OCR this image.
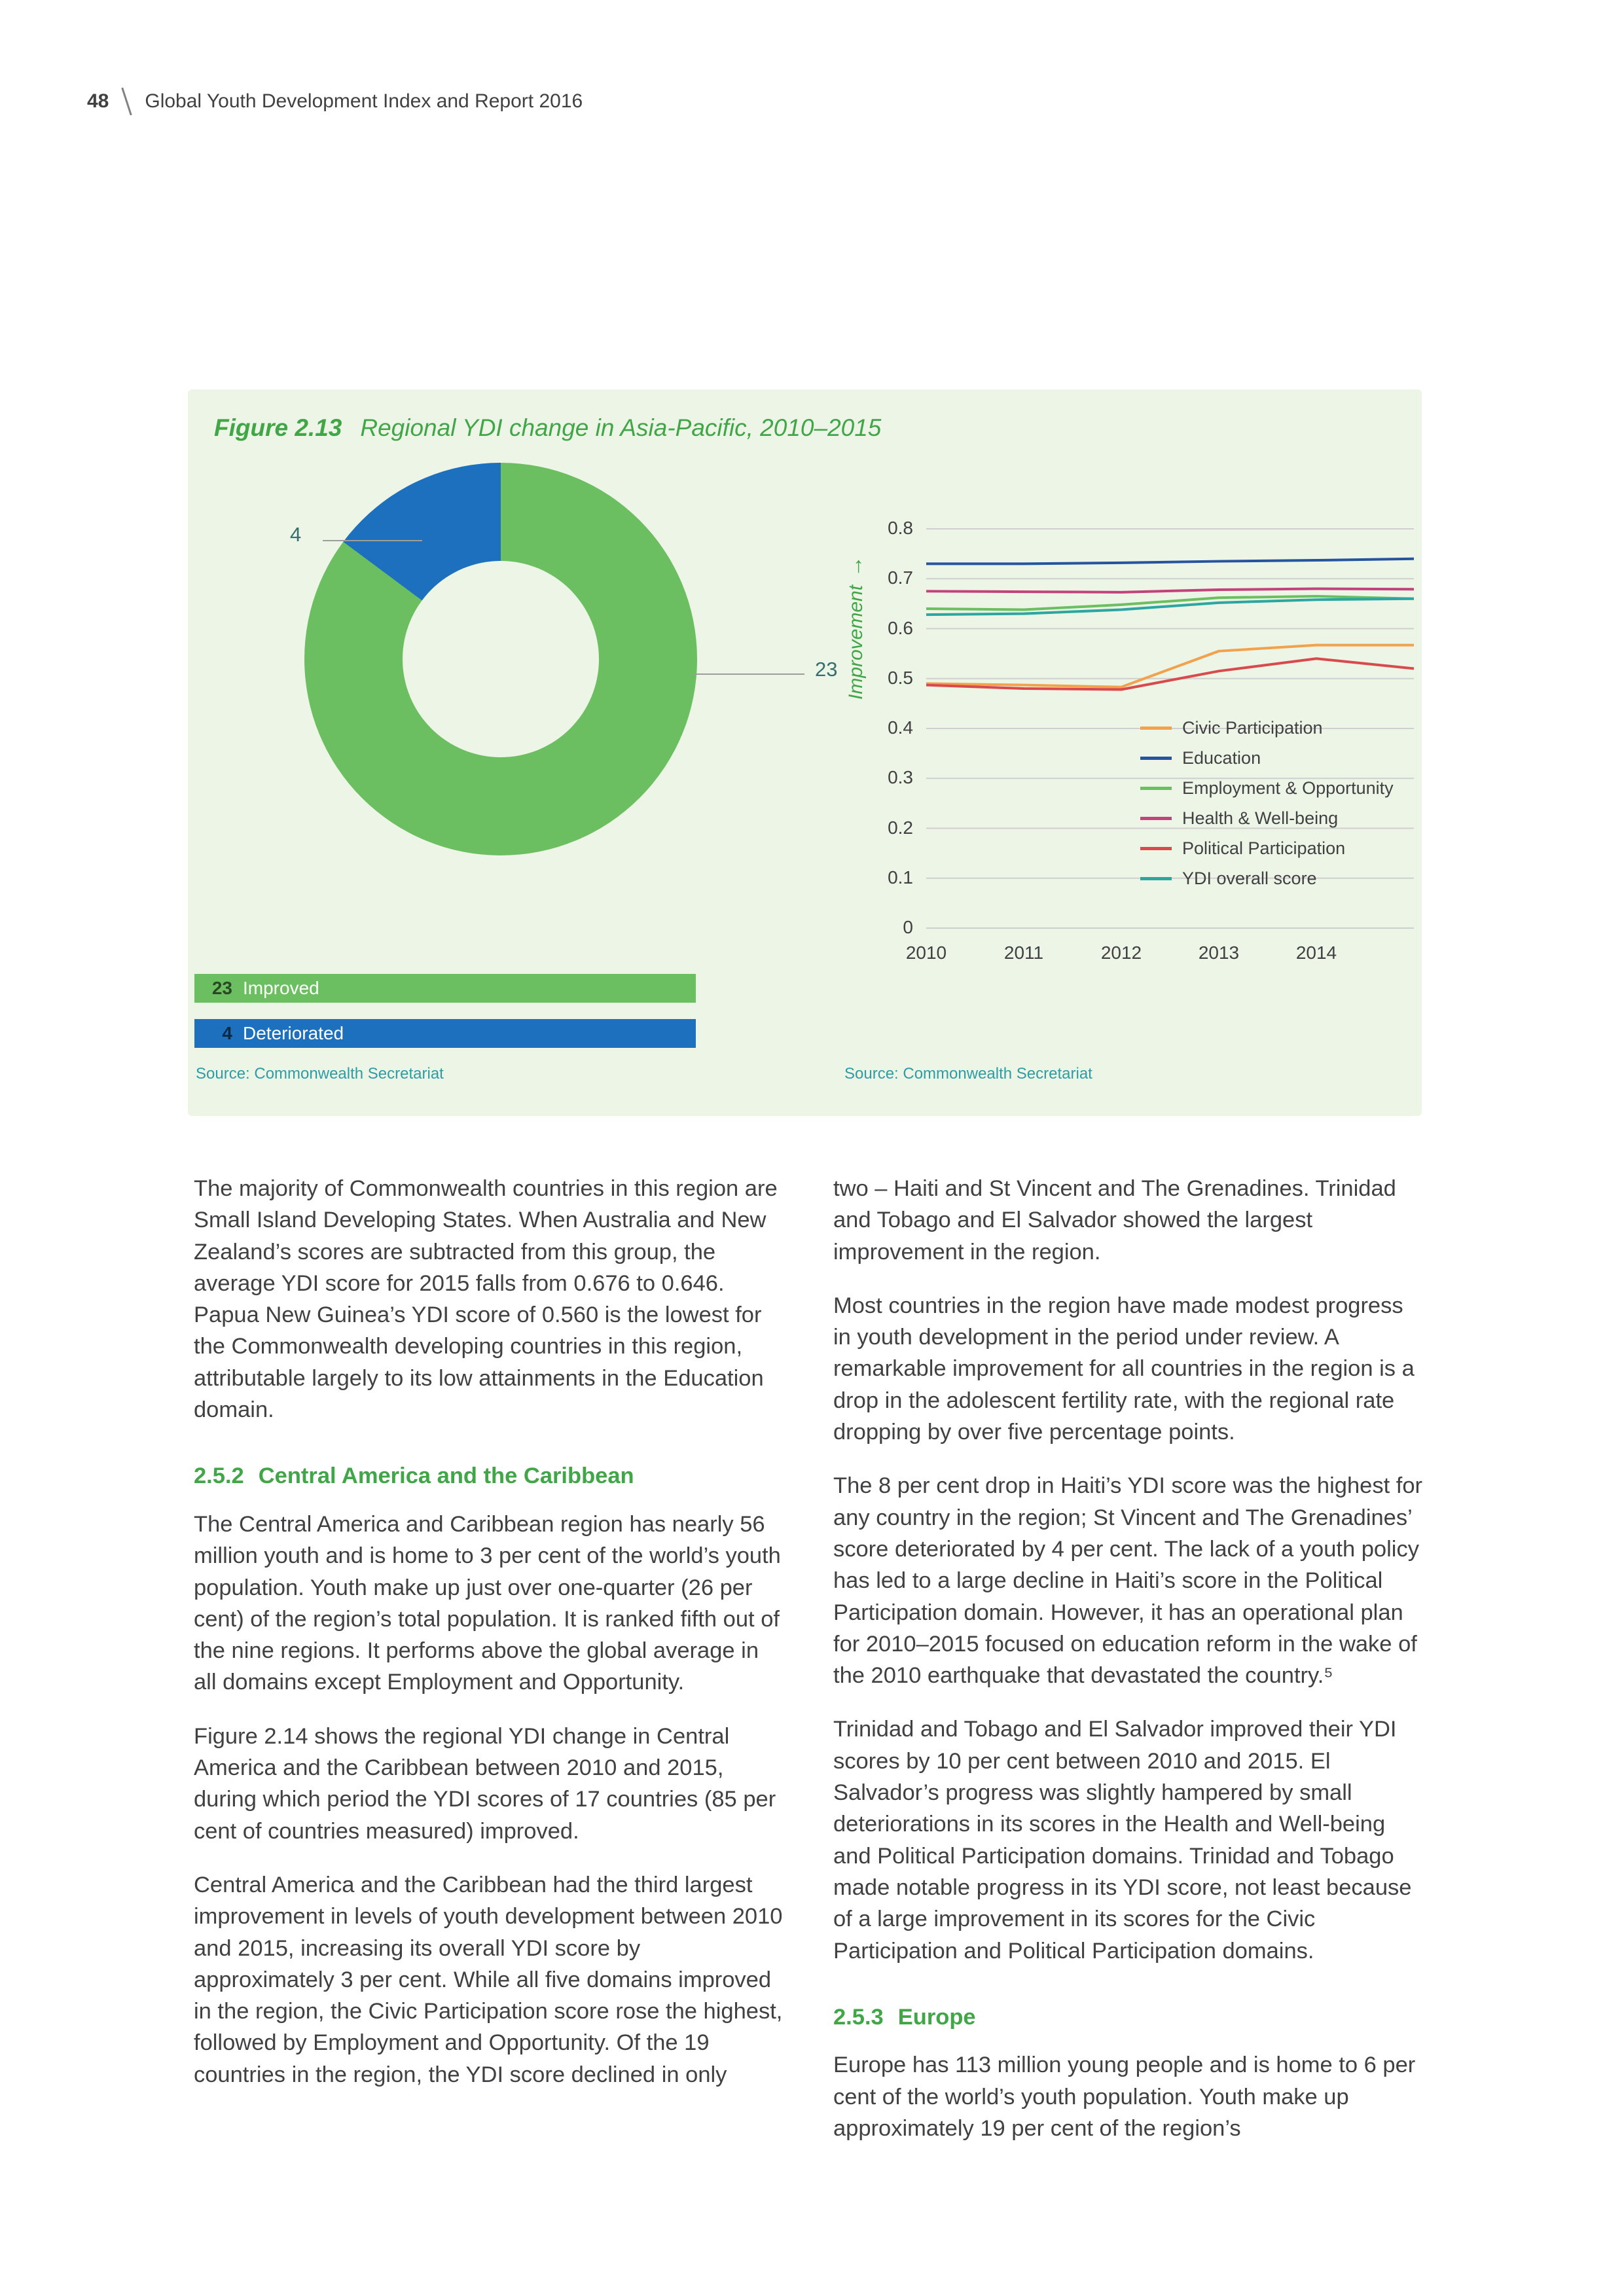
48 Global Youth Development Index and Report 2016
Figure 2.13 Regional YDI change in Asia-Pacific, 2010–2015
4
23
23 Improved
4 Deteriorated
Source: Commonwealth Secretariat
Improvement→
0
0.1
0.2
0.3
0.4
0.5
0.6
0.7
0.8
2010	2011	2012	2013	2014
Civic Participation
Education
Employment & Opportunity
Health & Well-being
Political Participation
YDI overall score
Source: Commonwealth Secretariat

The majority of Commonwealth countries in this region are Small Island Developing States. When Australia and New Zealand’s scores are subtracted from this group, the average YDI score for 2015 falls from 0.676 to 0.646. Papua New Guinea’s YDI score of 0.560 is the lowest for the Commonwealth developing countries in this region, attributable largely to its low attainments in the Education domain.

2.5.2 Central America and the Caribbean

The Central America and Caribbean region has nearly 56 million youth and is home to 3 per cent of the world’s youth population. Youth make up just over one-quarter (26 per cent) of the region’s total population. It is ranked fifth out of the nine regions. It performs above the global average in all domains except Employment and Opportunity.

Figure 2.14 shows the regional YDI change in Central America and the Caribbean between 2010 and 2015, during which period the YDI scores of 17 countries (85 per cent of countries measured) improved.

Central America and the Caribbean had the third largest improvement in levels of youth development between 2010 and 2015, increasing its overall YDI score by approximately 3 per cent. While all five domains improved in the region, the Civic Participation score rose the highest, followed by Employment and Opportunity. Of the 19 countries in the region, the YDI score declined in only

two – Haiti and St Vincent and The Grenadines. Trinidad and Tobago and El Salvador showed the largest improvement in the region.

Most countries in the region have made modest progress in youth development in the period under review. A remarkable improvement for all countries in the region is a drop in the adolescent fertility rate, with the regional rate dropping by over five percentage points.

The 8 per cent drop in Haiti’s YDI score was the highest for any country in the region; St Vincent and The Grenadines’ score deteriorated by 4 per cent. The lack of a youth policy has led to a large decline in Haiti’s score in the Political Participation domain. However, it has an operational plan for 2010–2015 focused on education reform in the wake of the 2010 earthquake that devastated the country.⁵

Trinidad and Tobago and El Salvador improved their YDI scores by 10 per cent between 2010 and 2015. El Salvador’s progress was slightly hampered by small deteriorations in its scores in the Health and Well-being and Political Participation domains. Trinidad and Tobago made notable progress in its YDI score, not least because of a large improvement in its scores for the Civic Participation and Political Participation domains.

2.5.3 Europe

Europe has 113 million young people and is home to 6 per cent of the world’s youth population. Youth make up approximately 19 per cent of the region’s
